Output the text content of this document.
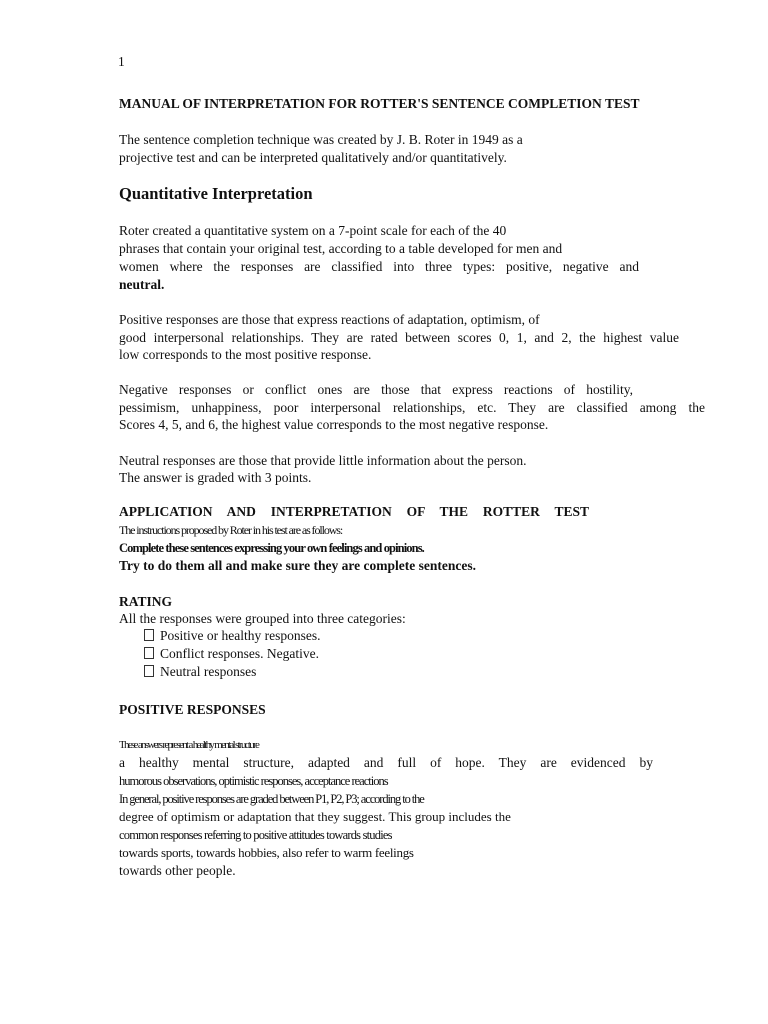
1

MANUAL OF INTERPRETATION FOR ROTTER'S SENTENCE COMPLETION TEST

The sentence completion technique was created by J. B. Roter in 1949 as a

projective test and can be interpreted qualitatively and/or quantitatively.

Quantitative Interpretation

Roter created a quantitative system on a 7-point scale for each of the 40

phrases that contain your original test, according to a table developed for men and

women where the responses are classified into three types: positive, negative and

neutral.

Positive responses are those that express reactions of adaptation, optimism, of

good interpersonal relationships. They are rated between scores 0, 1, and 2, the highest value

low corresponds to the most positive response.

Negative responses or conflict ones are those that express reactions of hostility,

pessimism, unhappiness, poor interpersonal relationships, etc. They are classified among the

Scores 4, 5, and 6, the highest value corresponds to the most negative response.

Neutral responses are those that provide little information about the person.

The answer is graded with 3 points.

APPLICATION AND INTERPRETATION OF THE ROTTER TEST

The instructions proposed by Roter in his test are as follows:

Complete these sentences expressing your own feelings and opinions.

Try to do them all and make sure they are complete sentences.

RATING

All the responses were grouped into three categories:

Positive or healthy responses.

Conflict responses. Negative.

Neutral responses

POSITIVE RESPONSES

These answers represent a healthy mental structure

a healthy mental structure, adapted and full of hope. They are evidenced by

humorous observations, optimistic responses, acceptance reactions

In general, positive responses are graded between P1, P2, P3; according to the

degree of optimism or adaptation that they suggest. This group includes the

common responses referring to positive attitudes towards studies

towards sports, towards hobbies, also refer to warm feelings

towards other people.
